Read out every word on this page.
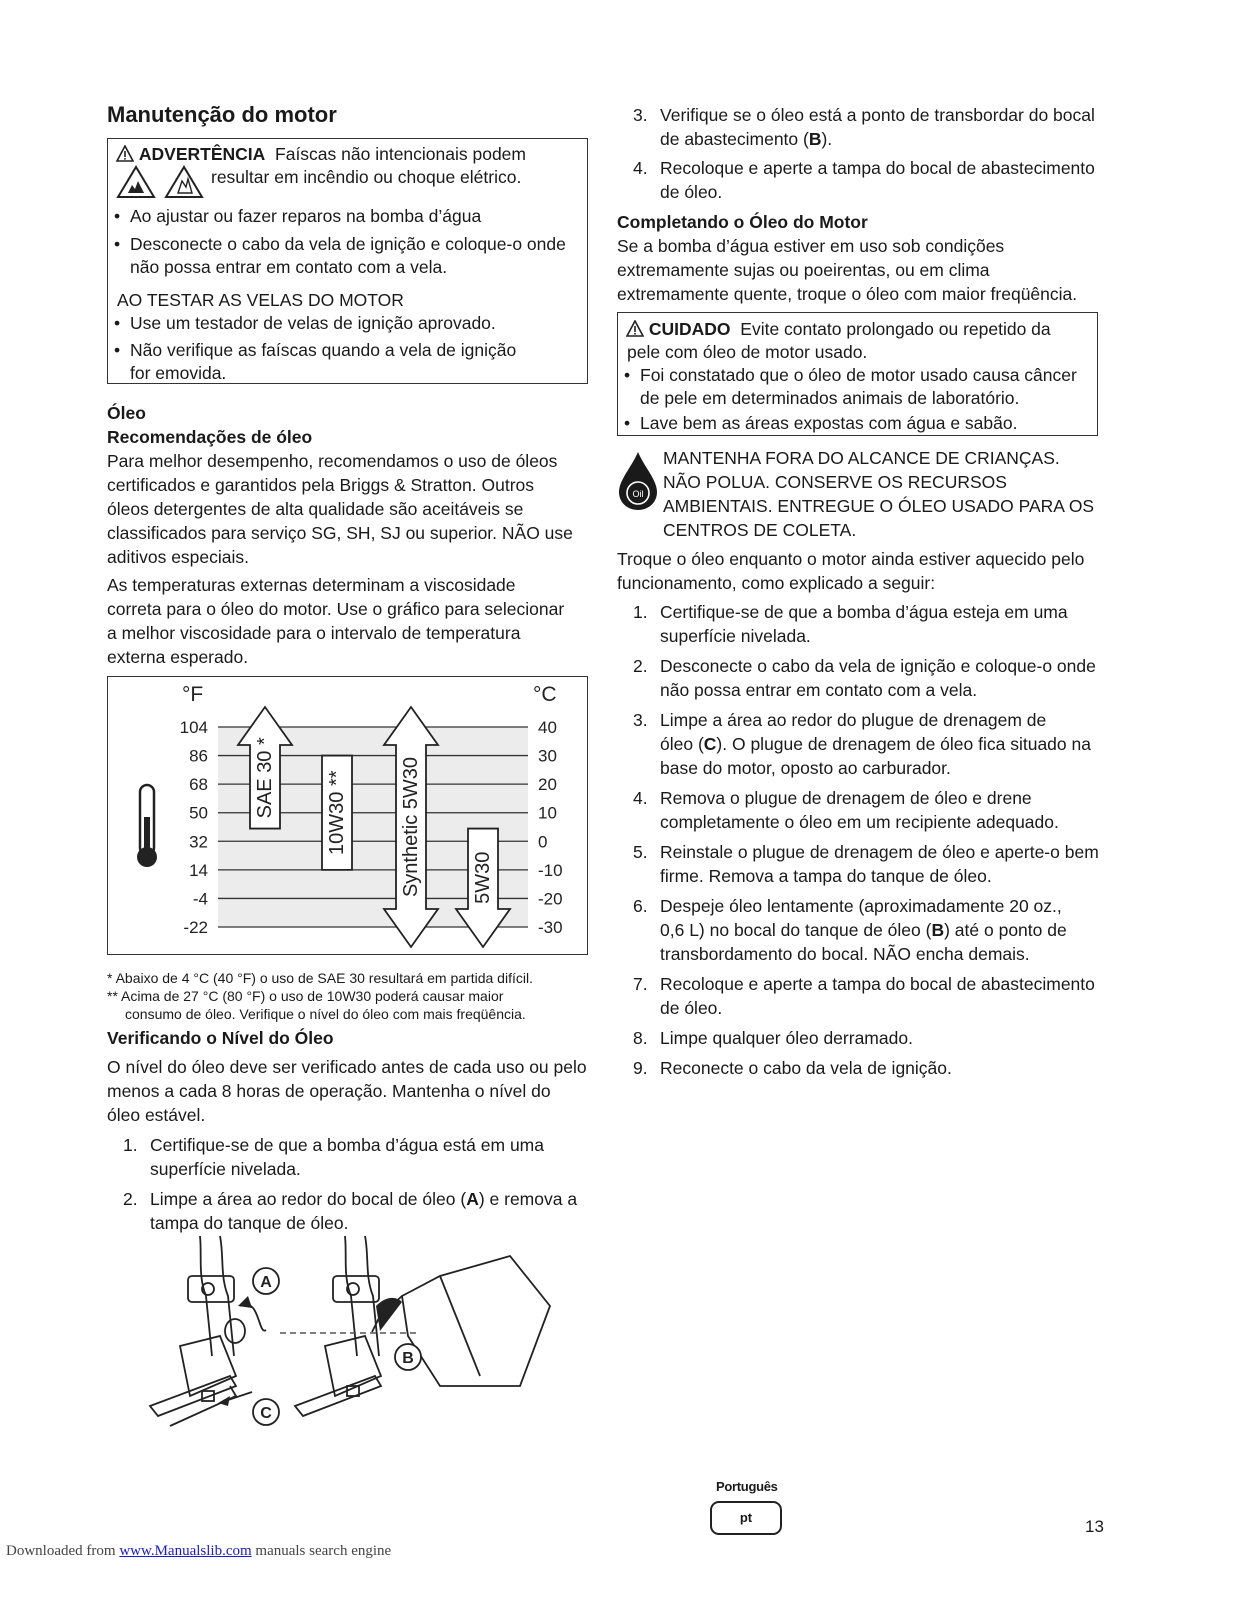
Manutenção do motor
ADVERTÊNCIA Faíscas não intencionais podem
resultar em incêndio ou choque elétrico.
• Ao ajustar ou fazer reparos na bomba d’água
• Desconecte o cabo da vela de ignição e coloque-o onde
não possa entrar em contato com a vela.
AO TESTAR AS VELAS DO MOTOR
• Use um testador de velas de ignição aprovado.
• Não verifique as faíscas quando a vela de ignição
for emovida.
Óleo
Recomendações de óleo
Para melhor desempenho, recomendamos o uso de óleos
certificados e garantidos pela Briggs & Stratton. Outros
óleos detergentes de alta qualidade são aceitáveis se
classificados para serviço SG, SH, SJ ou superior. NÃO use
aditivos especiais.
As temperaturas externas determinam a viscosidade
correta para o óleo do motor. Use o gráfico para selecionar
a melhor viscosidade para o intervalo de temperatura
externa esperado.
°F	°C
104	40
86	30
68	20
50	10
32	0
14	-10
-4	-20
-22	-30
SAE 30 *	10W30 **	Synthetic 5W30	5W30
* Abaixo de 4 °C (40 °F) o uso de SAE 30 resultará em partida difícil.
** Acima de 27 °C (80 °F) o uso de 10W30 poderá causar maior
consumo de óleo. Verifique o nível do óleo com mais freqüência.
Verificando o Nível do Óleo
O nível do óleo deve ser verificado antes de cada uso ou pelo
menos a cada 8 horas de operação. Mantenha o nível do
óleo estável.
1. Certifique-se de que a bomba d’água está em uma
superfície nivelada.
2. Limpe a área ao redor do bocal de óleo (A) e remova a
tampa do tanque de óleo.
A
B
C
3. Verifique se o óleo está a ponto de transbordar do bocal
de abastecimento (B).
4. Recoloque e aperte a tampa do bocal de abastecimento
de óleo.
Completando o Óleo do Motor
Se a bomba d’água estiver em uso sob condições
extremamente sujas ou poeirentas, ou em clima
extremamente quente, troque o óleo com maior freqüência.
CUIDADO Evite contato prolongado ou repetido da
pele com óleo de motor usado.
• Foi constatado que o óleo de motor usado causa câncer
de pele em determinados animais de laboratório.
• Lave bem as áreas expostas com água e sabão.
Oil
MANTENHA FORA DO ALCANCE DE CRIANÇAS.
NÃO POLUA. CONSERVE OS RECURSOS
AMBIENTAIS. ENTREGUE O ÓLEO USADO PARA OS
CENTROS DE COLETA.
Troque o óleo enquanto o motor ainda estiver aquecido pelo
funcionamento, como explicado a seguir:
1. Certifique-se de que a bomba d’água esteja em uma
superfície nivelada.
2. Desconecte o cabo da vela de ignição e coloque-o onde
não possa entrar em contato com a vela.
3. Limpe a área ao redor do plugue de drenagem de
óleo (C). O plugue de drenagem de óleo fica situado na
base do motor, oposto ao carburador.
4. Remova o plugue de drenagem de óleo e drene
completamente o óleo em um recipiente adequado.
5. Reinstale o plugue de drenagem de óleo e aperte-o bem
firme. Remova a tampa do tanque de óleo.
6. Despeje óleo lentamente (aproximadamente 20 oz.,
0,6 L) no bocal do tanque de óleo (B) até o ponto de
transbordamento do bocal. NÃO encha demais.
7. Recoloque e aperte a tampa do bocal de abastecimento
de óleo.
8. Limpe qualquer óleo derramado.
9. Reconecte o cabo da vela de ignição.
Português
pt	13
Downloaded from www.Manualslib.com manuals search engine
